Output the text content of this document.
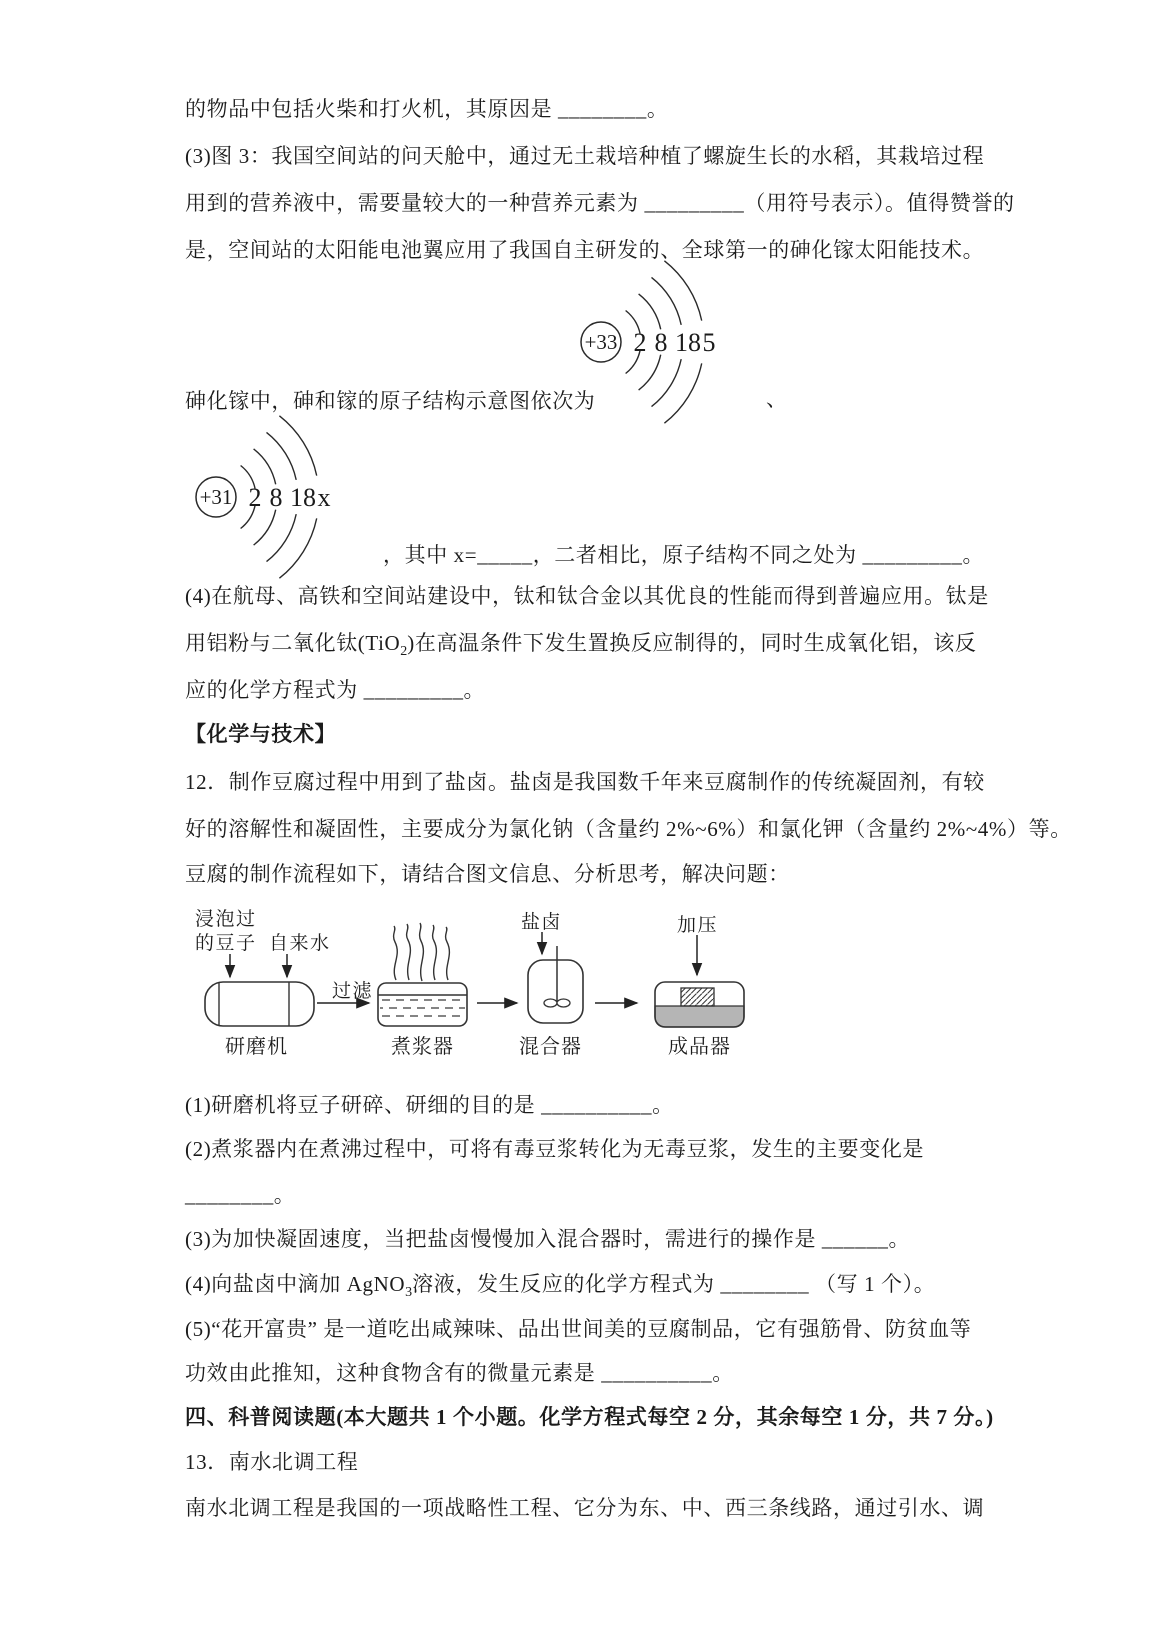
的物品中包括火柴和打火机，其原因是 ________。
(3)图 3：我国空间站的问天舱中，通过无土栽培种植了螺旋生长的水稻，其栽培过程
用到的营养液中，需要量较大的一种营养元素为 _________（用符号表示）。值得赞誉的
是，空间站的太阳能电池翼应用了我国自主研发的、全球第一的砷化镓太阳能技术。
+33 2 8 18 5
砷化镓中，砷和镓的原子结构示意图依次为	、
+31 2 8 18 x
，其中 x=_____，二者相比，原子结构不同之处为 _________。
(4)在航母、高铁和空间站建设中，钛和钛合金以其优良的性能而得到普遍应用。钛是
用铝粉与二氧化钛(TiO$_2$)在高温条件下发生置换反应制得的，同时生成氧化铝，该反
应的化学方程式为 _________。
【化学与技术】
12．制作豆腐过程中用到了盐卤。盐卤是我国数千年来豆腐制作的传统凝固剂，有较
好的溶解性和凝固性，主要成分为氯化钠（含量约 2%~6%）和氯化钾（含量约 2%~4%）等。
豆腐的制作流程如下，请结合图文信息、分析思考，解决问题：
浸泡过
的豆子 自来水
研磨机
过滤
煮浆器
盐卤
混合器
加压
成品器
(1)研磨机将豆子研碎、研细的目的是 __________。
(2)煮浆器内在煮沸过程中，可将有毒豆浆转化为无毒豆浆，发生的主要变化是
________。
(3)为加快凝固速度，当把盐卤慢慢加入混合器时，需进行的操作是 ______。
(4)向盐卤中滴加 AgNO$_3$溶液，发生反应的化学方程式为 ________ （写 1 个）。
(5)“花开富贵” 是一道吃出咸辣味、品出世间美的豆腐制品，它有强筋骨、防贫血等
功效由此推知，这种食物含有的微量元素是 __________。
四、科普阅读题(本大题共 1 个小题。化学方程式每空 2 分，其余每空 1 分，共 7 分。)
13．南水北调工程
南水北调工程是我国的一项战略性工程、它分为东、中、西三条线路，通过引水、调
